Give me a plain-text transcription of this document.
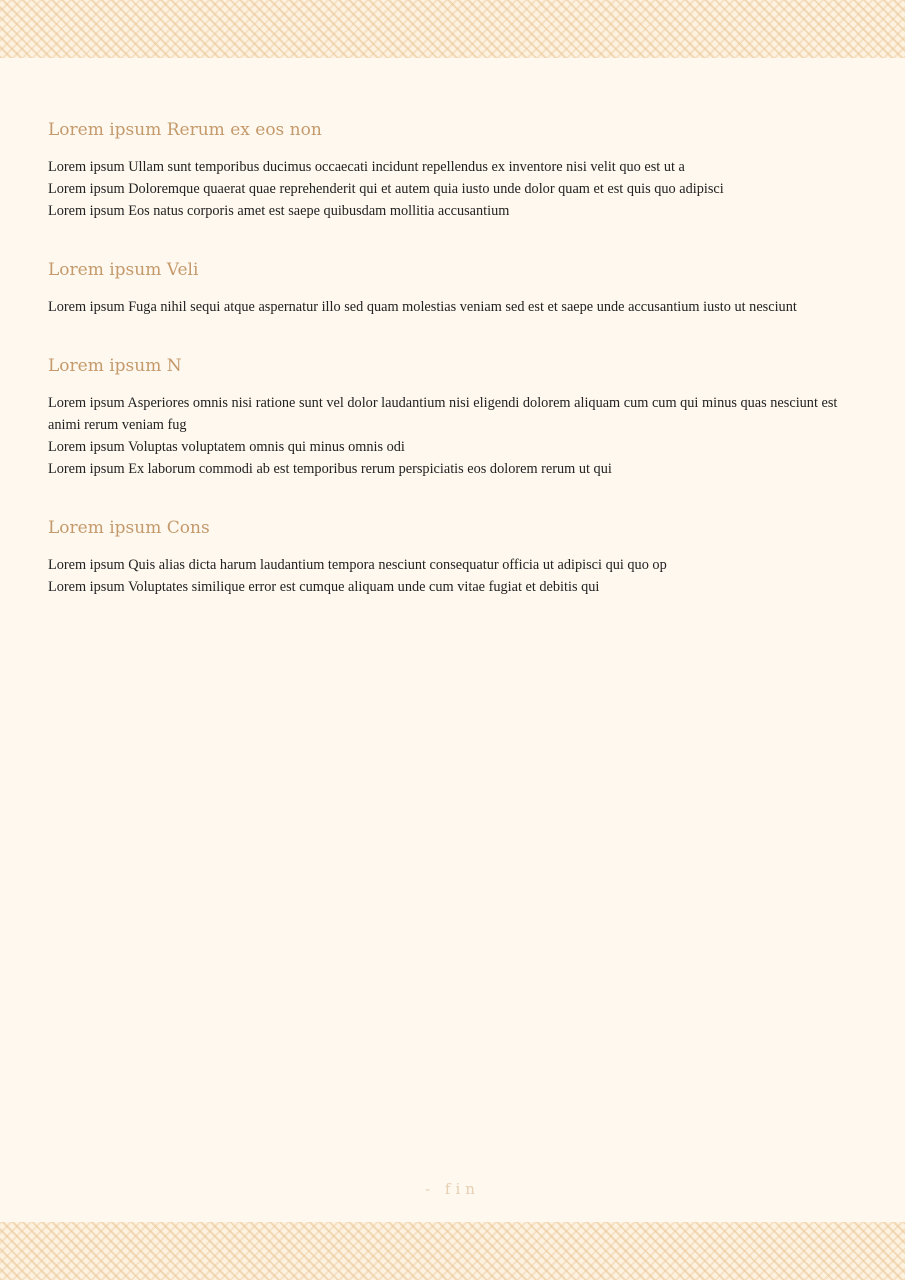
Lorem ipsum Rerum ex eos non

Lorem ipsum Ullam sunt temporibus ducimus occaecati incidunt repellendus ex inventore nisi velit quo est ut a

Lorem ipsum Doloremque quaerat quae reprehenderit qui et autem quia iusto unde dolor quam et est quis quo adipisci

Lorem ipsum Eos natus corporis amet est saepe quibusdam mollitia accusantium

Lorem ipsum Veli

Lorem ipsum Fuga nihil sequi atque aspernatur illo sed quam molestias veniam sed est et saepe unde accusantium iusto ut nesciunt

Lorem ipsum N

Lorem ipsum Asperiores omnis nisi ratione sunt vel dolor laudantium nisi eligendi dolorem aliquam cum cum qui minus quas nesciunt est animi rerum veniam fug

Lorem ipsum Voluptas voluptatem omnis qui minus omnis odi

Lorem ipsum Ex laborum commodi ab est temporibus rerum perspiciatis eos dolorem rerum ut qui

Lorem ipsum Cons

Lorem ipsum Quis alias dicta harum laudantium tempora nesciunt consequatur officia ut adipisci qui quo op

Lorem ipsum Voluptates similique error est cumque aliquam unde cum vitae fugiat et debitis qui

- fin
